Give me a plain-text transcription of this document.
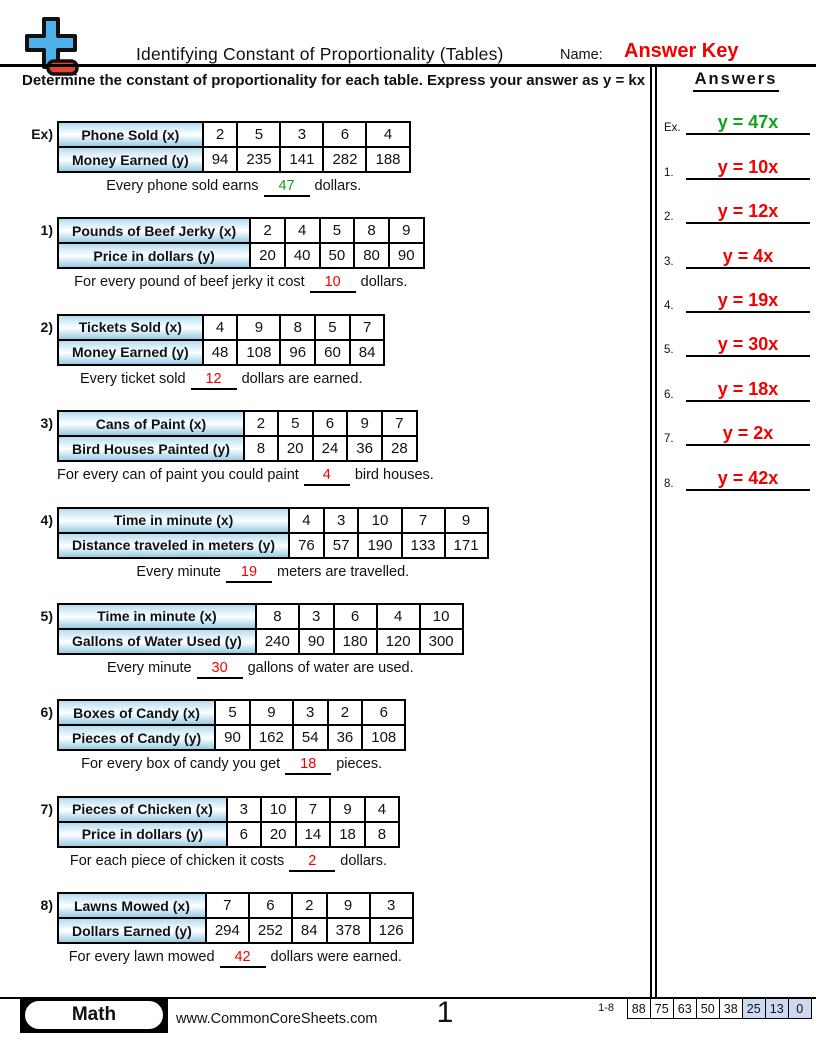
Identifying Constant of Proportionality (Tables)	Name: Answer Key
Determine the constant of proportionality for each table. Express your answer as y = kx
Ex) Phone Sold (x)	2	5	3	6	4
Money Earned (y)	94	235	141	282	188
Every phone sold earns 47 dollars.
1) Pounds of Beef Jerky (x)	2	4	5	8	9
Price in dollars (y)	20	40	50	80	90
For every pound of beef jerky it cost 10 dollars.
2) Tickets Sold (x)	4	9	8	5	7
Money Earned (y)	48	108	96	60	84
Every ticket sold 12 dollars are earned.
3)	Cans of Paint (x)	2	5	6	9	7
Bird Houses Painted (y)	8	20	24	36	28
For every can of paint you could paint 4 bird houses.
4)	Time in minute (x)	4	3	10	7	9
Distance traveled in meters (y)	76	57	190	133	171
Every minute 19 meters are travelled.
5)	Time in minute (x)	8	3	6	4	10
Gallons of Water Used (y)	240	90	180	120	300
Every minute 30 gallons of water are used.
6) Boxes of Candy (x)	5	9	3	2	6
Pieces of Candy (y)	90	162	54	36	108
For every box of candy you get 18 pieces.
7) Pieces of Chicken (x)	3	10	7	9	4
Price in dollars (y)	6	20	14	18	8
For each piece of chicken it costs 2 dollars.
8) Lawns Mowed (x)	7	6	2	9	3
Dollars Earned (y)	294	252	84	378	126
For every lawn mowed 42 dollars were earned.
Answers
Ex.	y = 47x
1.	y = 10x
2.	y = 12x
3.	y = 4x
4.	y = 19x
5.	y = 30x
6.	y = 18x
7.	y = 2x
8.	y = 42x
Math	www.CommonCoreSheets.com	1	1-8	88 75 63 50 38 25 13	0
